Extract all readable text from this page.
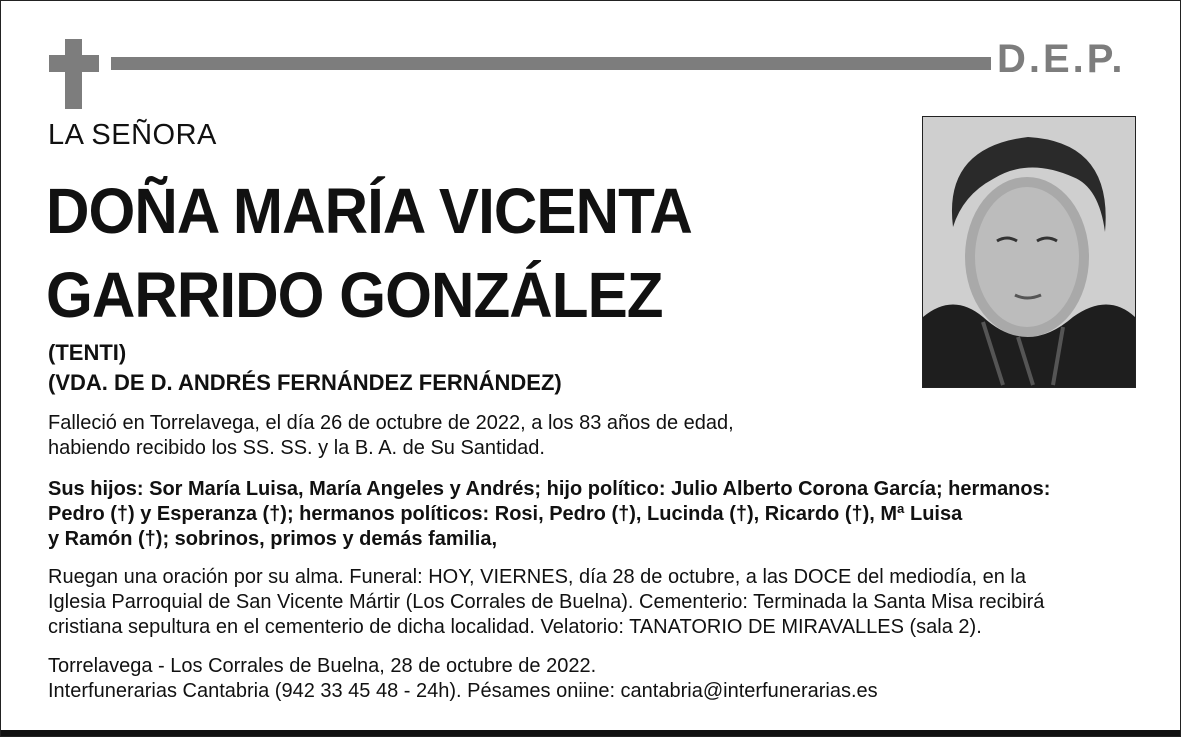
D.E.P.
LA SEÑORA
DOÑA MARÍA VICENTA
GARRIDO GONZÁLEZ
(TENTI)
(VDA. DE D. ANDRÉS FERNÁNDEZ FERNÁNDEZ)
Falleció en Torrelavega, el día 26 de octubre de 2022, a los 83 años de edad,
habiendo recibido los SS. SS. y la B. A. de Su Santidad.
Sus hijos: Sor María Luisa, María Angeles y Andrés; hijo político: Julio Alberto Corona García; hermanos:
Pedro (†) y Esperanza (†); hermanos políticos: Rosi, Pedro (†), Lucinda (†), Ricardo (†), Mª Luisa
y Ramón (†); sobrinos, primos y demás familia,
Ruegan una oración por su alma. Funeral: HOY, VIERNES, día 28 de octubre, a las DOCE del mediodía, en la
Iglesia Parroquial de San Vicente Mártir (Los Corrales de Buelna). Cementerio: Terminada la Santa Misa recibirá
cristiana sepultura en el cementerio de dicha localidad. Velatorio: TANATORIO DE MIRAVALLES (sala 2).
Torrelavega - Los Corrales de Buelna, 28 de octubre de 2022.
Interfunerarias Cantabria (942 33 45 48 - 24h). Pésames oniine: cantabria@interfunerarias.es
